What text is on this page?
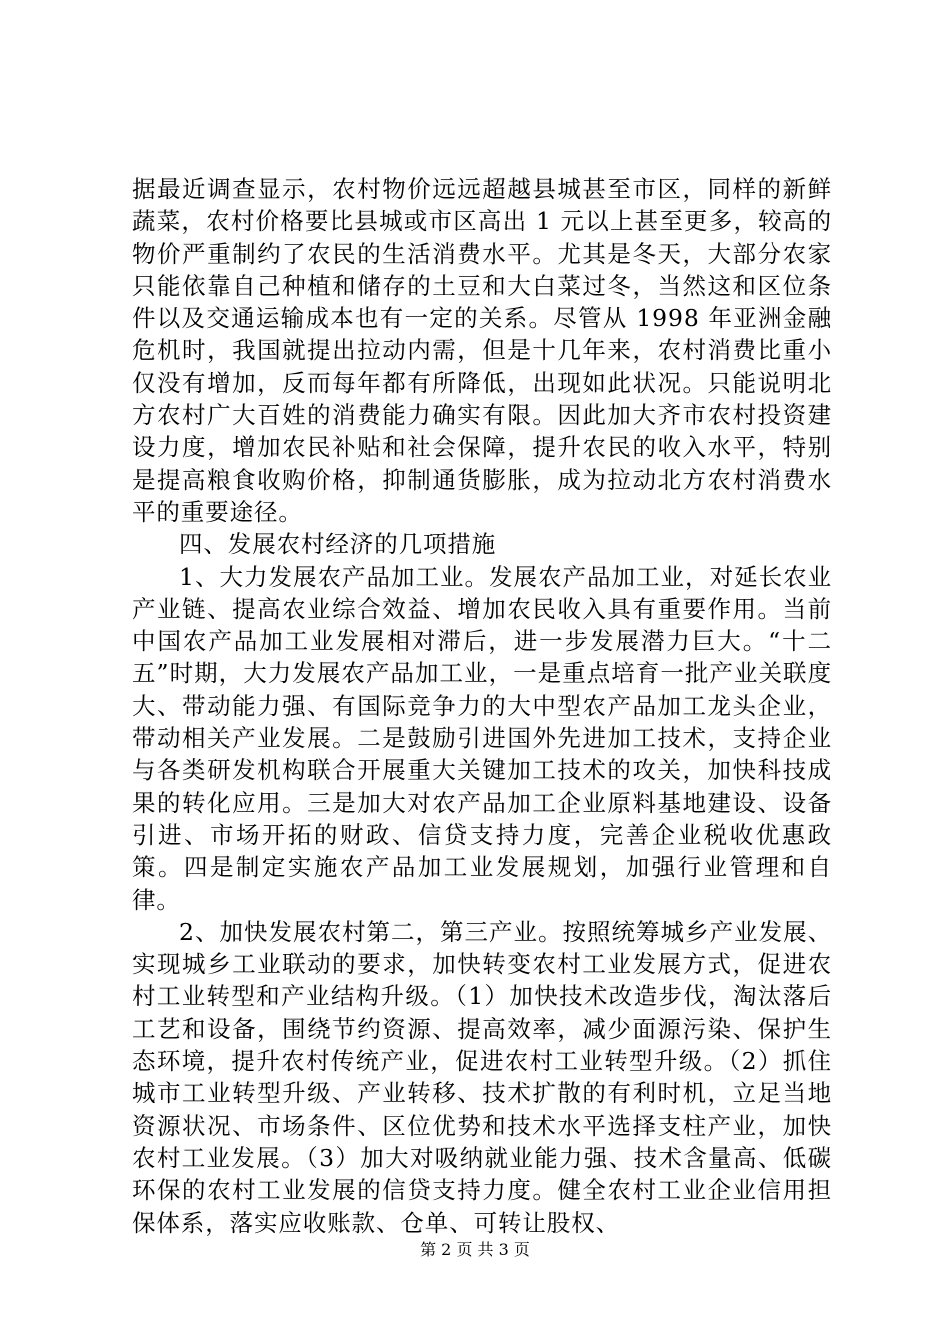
据最近调查显示，农村物价远远超越县城甚至市区，同样的新鲜蔬菜，农村价格要比县城或市区高出 1 元以上甚至更多，较高的物价严重制约了农民的生活消费水平。尤其是冬天，大部分农家只能依靠自己种植和储存的土豆和大白菜过冬，当然这和区位条件以及交通运输成本也有一定的关系。尽管从 1998 年亚洲金融危机时，我国就提出拉动内需，但是十几年来，农村消费比重小仅没有增加，反而每年都有所降低，出现如此状况。只能说明北方农村广大百姓的消费能力确实有限。因此加大齐市农村投资建设力度，增加农民补贴和社会保障，提升农民的收入水平，特别是提高粮食收购价格，抑制通货膨胀，成为拉动北方农村消费水平的重要途径。

四、发展农村经济的几项措施

1、大力发展农产品加工业。发展农产品加工业，对延长农业产业链、提高农业综合效益、增加农民收入具有重要作用。当前中国农产品加工业发展相对滞后，进一步发展潜力巨大。“十二五”时期，大力发展农产品加工业，一是重点培育一批产业关联度大、带动能力强、有国际竞争力的大中型农产品加工龙头企业，带动相关产业发展。二是鼓励引进国外先进加工技术，支持企业与各类研发机构联合开展重大关键加工技术的攻关，加快科技成果的转化应用。三是加大对农产品加工企业原料基地建设、设备引进、市场开拓的财政、信贷支持力度，完善企业税收优惠政策。四是制定实施农产品加工业发展规划，加强行业管理和自律。

2、加快发展农村第二，第三产业。按照统筹城乡产业发展、实现城乡工业联动的要求，加快转变农村工业发展方式，促进农村工业转型和产业结构升级。（1）加快技术改造步伐，淘汰落后工艺和设备，围绕节约资源、提高效率，减少面源污染、保护生态环境，提升农村传统产业，促进农村工业转型升级。（2）抓住城市工业转型升级、产业转移、技术扩散的有利时机，立足当地资源状况、市场条件、区位优势和技术水平选择支柱产业，加快农村工业发展。（3）加大对吸纳就业能力强、技术含量高、低碳环保的农村工业发展的信贷支持力度。健全农村工业企业信用担保体系，落实应收账款、仓单、可转让股权、

第 2 页 共 3 页
